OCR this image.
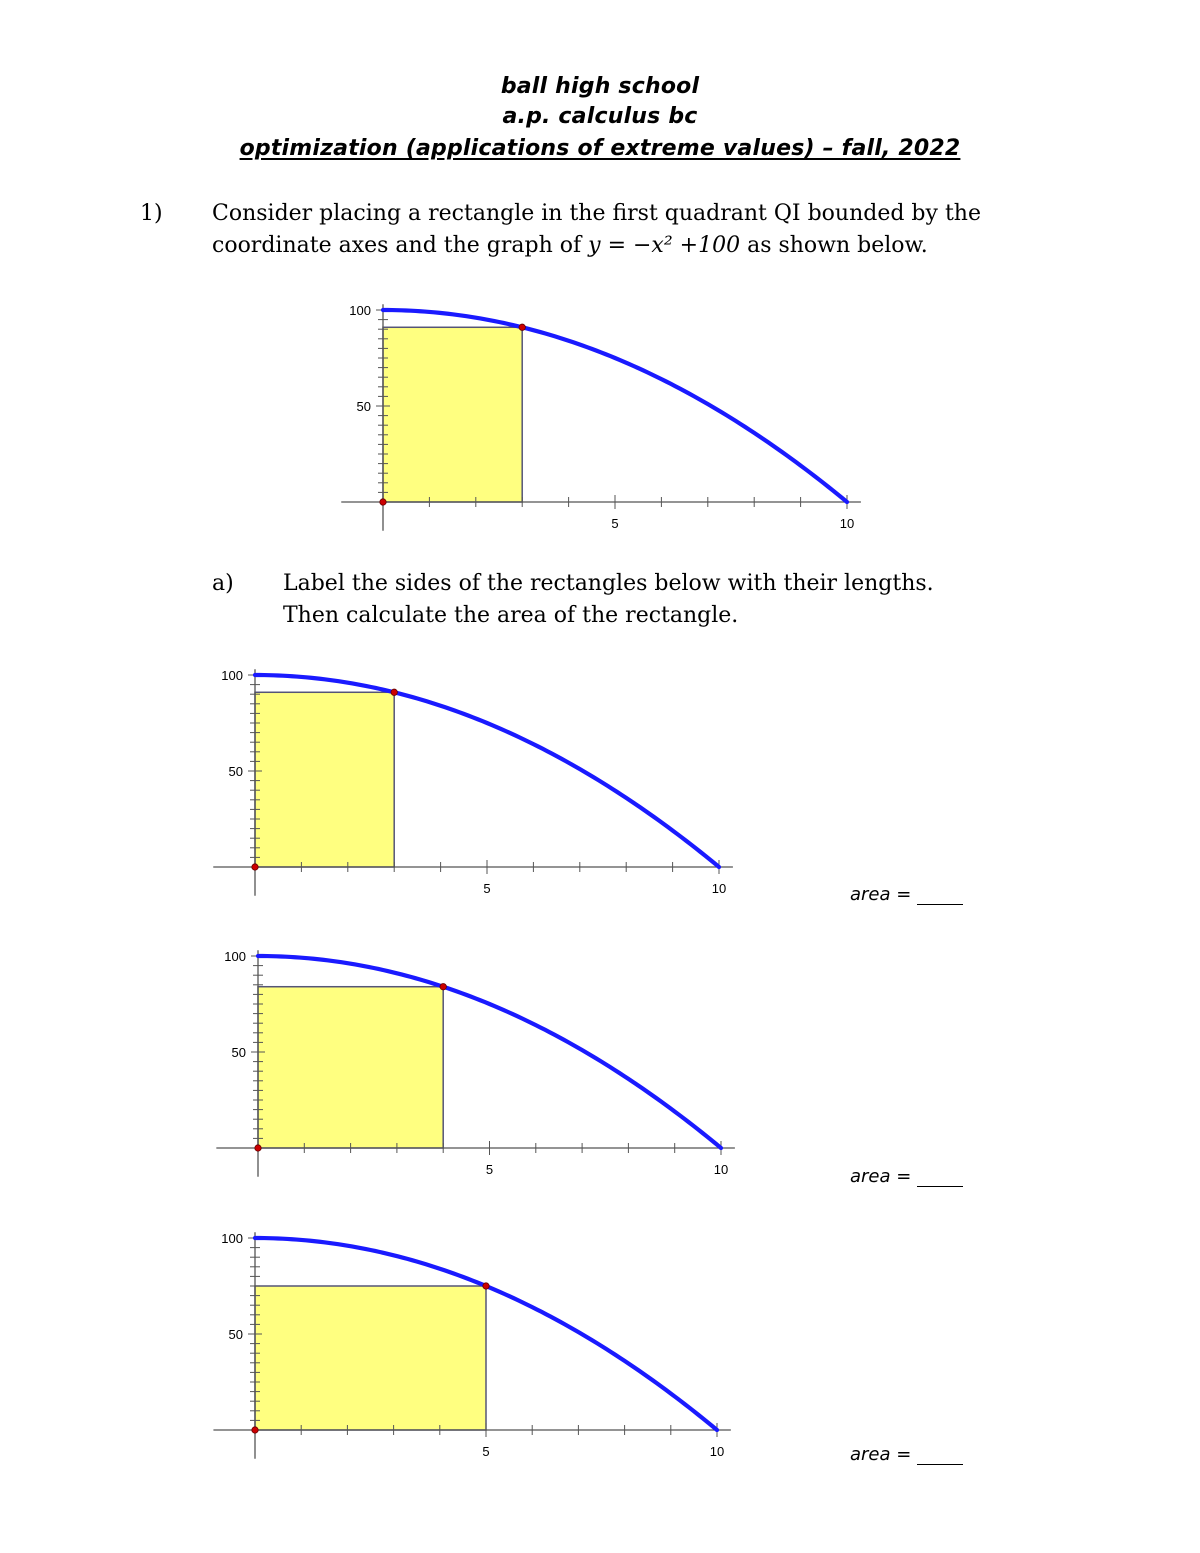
ball high school
a.p. calculus bc
optimization (applications of extreme values) – fall, 2022
1) Consider placing a rectangle in the first quadrant QI bounded by the
coordinate axes and the graph of y = −x² +100 as shown below.
5	10
50
100
5	10
50
100
5	10
50
100
5	10
50
100
a) Label the sides of the rectangles below with their lengths.
Then calculate the area of the rectangle.
area =
area =
area =
